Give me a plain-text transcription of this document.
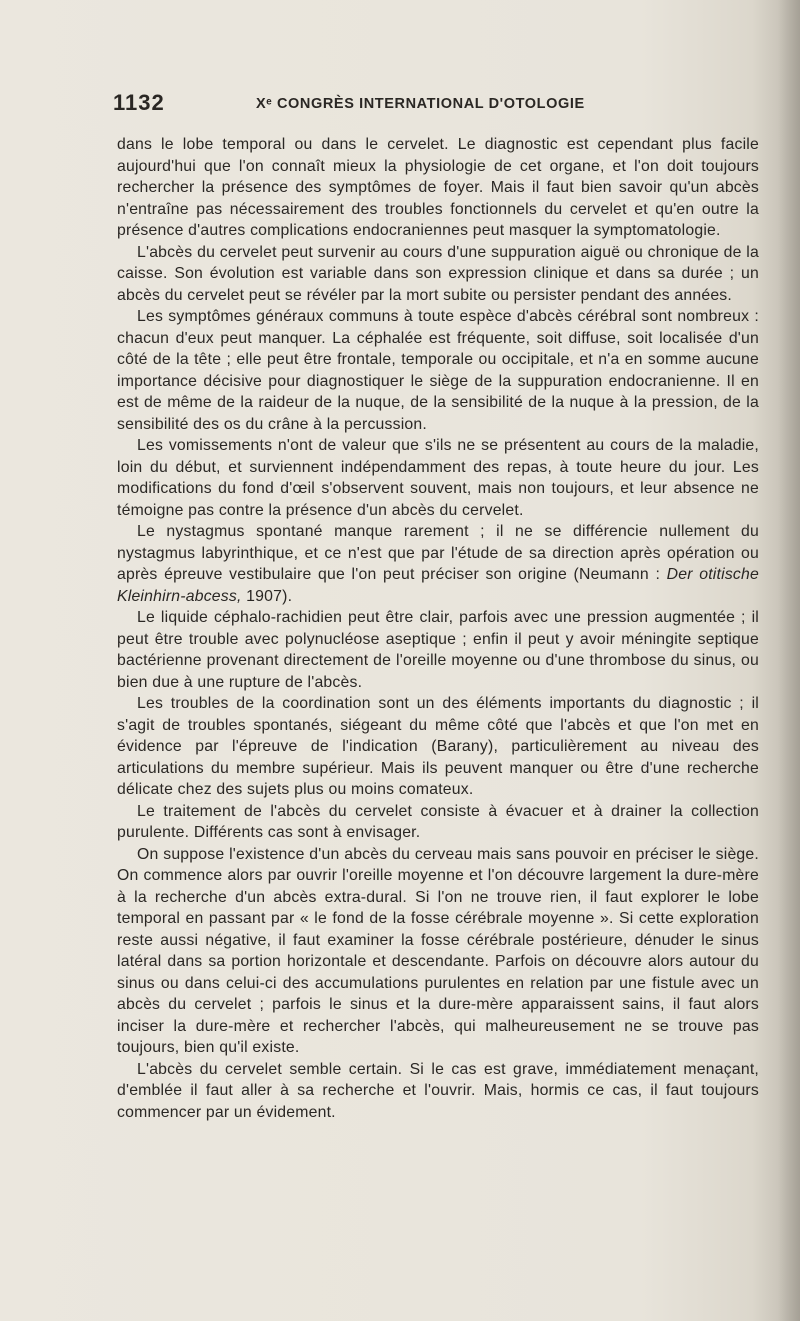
1132	Xᵉ CONGRÈS INTERNATIONAL D'OTOLOGIE

dans le lobe temporal ou dans le cervelet. Le diagnostic est cependant plus facile aujourd'hui que l'on connaît mieux la physiologie de cet organe, et l'on doit toujours rechercher la présence des symptômes de foyer. Mais il faut bien savoir qu'un abcès n'entraîne pas nécessairement des troubles fonctionnels du cervelet et qu'en outre la présence d'autres complications endocraniennes peut masquer la symptomatologie.

L'abcès du cervelet peut survenir au cours d'une suppuration aiguë ou chronique de la caisse. Son évolution est variable dans son expression clinique et dans sa durée ; un abcès du cervelet peut se révéler par la mort subite ou persister pendant des années.

Les symptômes généraux communs à toute espèce d'abcès cérébral sont nombreux : chacun d'eux peut manquer. La céphalée est fréquente, soit diffuse, soit localisée d'un côté de la tête ; elle peut être frontale, temporale ou occipitale, et n'a en somme aucune importance décisive pour diagnostiquer le siège de la suppuration endocranienne. Il en est de même de la raideur de la nuque, de la sensibilité de la nuque à la pression, de la sensibilité des os du crâne à la percussion.

Les vomissements n'ont de valeur que s'ils ne se présentent au cours de la maladie, loin du début, et surviennent indépendamment des repas, à toute heure du jour. Les modifications du fond d'œil s'observent souvent, mais non toujours, et leur absence ne témoigne pas contre la présence d'un abcès du cervelet.

Le nystagmus spontané manque rarement ; il ne se différencie nullement du nystagmus labyrinthique, et ce n'est que par l'étude de sa direction après opération ou après épreuve vestibulaire que l'on peut préciser son origine (Neumann : Der otitische Kleinhirn-abcess, 1907).

Le liquide céphalo-rachidien peut être clair, parfois avec une pression augmentée ; il peut être trouble avec polynucléose aseptique ; enfin il peut y avoir méningite septique bactérienne provenant directement de l'oreille moyenne ou d'une thrombose du sinus, ou bien due à une rupture de l'abcès.

Les troubles de la coordination sont un des éléments importants du diagnostic ; il s'agit de troubles spontanés, siégeant du même côté que l'abcès et que l'on met en évidence par l'épreuve de l'indication (Barany), particulièrement au niveau des articulations du membre supérieur. Mais ils peuvent manquer ou être d'une recherche délicate chez des sujets plus ou moins comateux.

Le traitement de l'abcès du cervelet consiste à évacuer et à drainer la collection purulente. Différents cas sont à envisager.

On suppose l'existence d'un abcès du cerveau mais sans pouvoir en préciser le siège. On commence alors par ouvrir l'oreille moyenne et l'on découvre largement la dure-mère à la recherche d'un abcès extra-dural. Si l'on ne trouve rien, il faut explorer le lobe temporal en passant par « le fond de la fosse cérébrale moyenne ». Si cette exploration reste aussi négative, il faut examiner la fosse cérébrale postérieure, dénuder le sinus latéral dans sa portion horizontale et descendante. Parfois on découvre alors autour du sinus ou dans celui-ci des accumulations purulentes en relation par une fistule avec un abcès du cervelet ; parfois le sinus et la dure-mère apparaissent sains, il faut alors inciser la dure-mère et rechercher l'abcès, qui malheureusement ne se trouve pas toujours, bien qu'il existe.

L'abcès du cervelet semble certain. Si le cas est grave, immédiatement menaçant, d'emblée il faut aller à sa recherche et l'ouvrir. Mais, hormis ce cas, il faut toujours commencer par un évidement.
